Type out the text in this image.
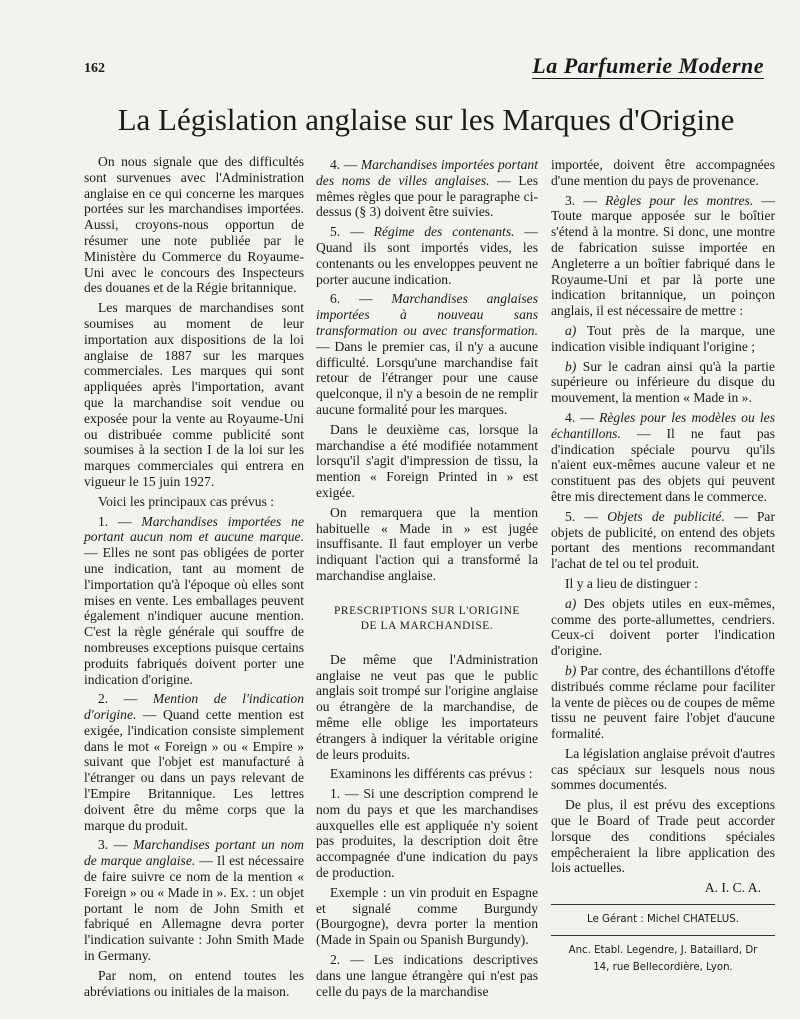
162	La Parfumerie Moderne
La Législation anglaise sur les Marques d'Origine

On nous signale que des difficultés sont survenues avec l'Administration anglaise en ce qui concerne les marques portées sur les marchandises importées. Aussi, croyons-nous opportun de résumer une note publiée par le Ministère du Commerce du Royaume-Uni avec le concours des Inspecteurs des douanes et de la Régie britannique.

Les marques de marchandises sont soumises au moment de leur importation aux dispositions de la loi anglaise de 1887 sur les marques commerciales. Les marques qui sont appliquées après l'importation, avant que la marchandise soit vendue ou exposée pour la vente au Royaume-Uni ou distribuée comme publicité sont soumises à la section I de la loi sur les marques commerciales qui entrera en vigueur le 15 juin 1927.

Voici les principaux cas prévus :

1. — Marchandises importées ne portant aucun nom et aucune marque. — Elles ne sont pas obligées de porter une indication, tant au moment de l'importation qu'à l'époque où elles sont mises en vente. Les emballages peuvent également n'indiquer aucune mention. C'est la règle générale qui souffre de nombreuses exceptions puisque certains produits fabriqués doivent porter une indication d'origine.

2. — Mention de l'indication d'origine. — Quand cette mention est exigée, l'indication consiste simplement dans le mot « Foreign » ou « Empire » suivant que l'objet est manufacturé à l'étranger ou dans un pays relevant de l'Empire Britannique. Les lettres doivent être du même corps que la marque du produit.

3. — Marchandises portant un nom de marque anglaise. — Il est nécessaire de faire suivre ce nom de la mention « Foreign » ou « Made in ». Ex. : un objet portant le nom de John Smith et fabriqué en Allemagne devra porter l'indication suivante : John Smith Made in Germany.

Par nom, on entend toutes les abréviations ou initiales de la maison.

4. — Marchandises importées portant des noms de villes anglaises. — Les mêmes règles que pour le paragraphe ci-dessus (§ 3) doivent être suivies.

5. — Régime des contenants. — Quand ils sont importés vides, les contenants ou les enveloppes peuvent ne porter aucune indication.

6. — Marchandises anglaises importées à nouveau sans transformation ou avec transformation. — Dans le premier cas, il n'y a aucune difficulté. Lorsqu'une marchandise fait retour de l'étranger pour une cause quelconque, il n'y a besoin de ne remplir aucune formalité pour les marques.

Dans le deuxième cas, lorsque la marchandise a été modifiée notamment lorsqu'il s'agit d'impression de tissu, la mention « Foreign Printed in » est exigée.

On remarquera que la mention habituelle « Made in » est jugée insuffisante. Il faut employer un verbe indiquant l'action qui a transformé la marchandise anglaise.

PRESCRIPTIONS SUR L'ORIGINE
DE LA MARCHANDISE.

De même que l'Administration anglaise ne veut pas que le public anglais soit trompé sur l'origine anglaise ou étrangère de la marchandise, de même elle oblige les importateurs étrangers à indiquer la véritable origine de leurs produits.

Examinons les différents cas prévus :

1. — Si une description comprend le nom du pays et que les marchandises auxquelles elle est appliquée n'y soient pas produites, la description doit être accompagnée d'une indication du pays de production.

Exemple : un vin produit en Espagne et signalé comme Burgundy (Bourgogne), devra porter la mention (Made in Spain ou Spanish Burgundy).

2. — Les indications descriptives dans une langue étrangère qui n'est pas celle du pays de la marchandise

importée, doivent être accompagnées d'une mention du pays de provenance.

3. — Règles pour les montres. — Toute marque apposée sur le boîtier s'étend à la montre. Si donc, une montre de fabrication suisse importée en Angleterre a un boîtier fabriqué dans le Royaume-Uni et par là porte une indication britannique, un poinçon anglais, il est nécessaire de mettre :

a) Tout près de la marque, une indication visible indiquant l'origine ;

b) Sur le cadran ainsi qu'à la partie supérieure ou inférieure du disque du mouvement, la mention « Made in ».

4. — Règles pour les modèles ou les échantillons. — Il ne faut pas d'indication spéciale pourvu qu'ils n'aient eux-mêmes aucune valeur et ne constituent pas des objets qui peuvent être mis directement dans le commerce.

5. — Objets de publicité. — Par objets de publicité, on entend des objets portant des mentions recommandant l'achat de tel ou tel produit.

Il y a lieu de distinguer :

a) Des objets utiles en eux-mêmes, comme des porte-allumettes, cendriers. Ceux-ci doivent porter l'indication d'origine.

b) Par contre, des échantillons d'étoffe distribués comme réclame pour faciliter la vente de pièces ou de coupes de même tissu ne peuvent faire l'objet d'aucune formalité.

La législation anglaise prévoit d'autres cas spéciaux sur lesquels nous nous sommes documentés.

De plus, il est prévu des exceptions que le Board of Trade peut accorder lorsque des conditions spéciales empêcheraient la libre application des lois actuelles.

A. I. C. A.
Le Gérant : Michel CHATELUS.
Anc. Etabl. Legendre, J. Bataillard, Dr
14, rue Bellecordière, Lyon.
